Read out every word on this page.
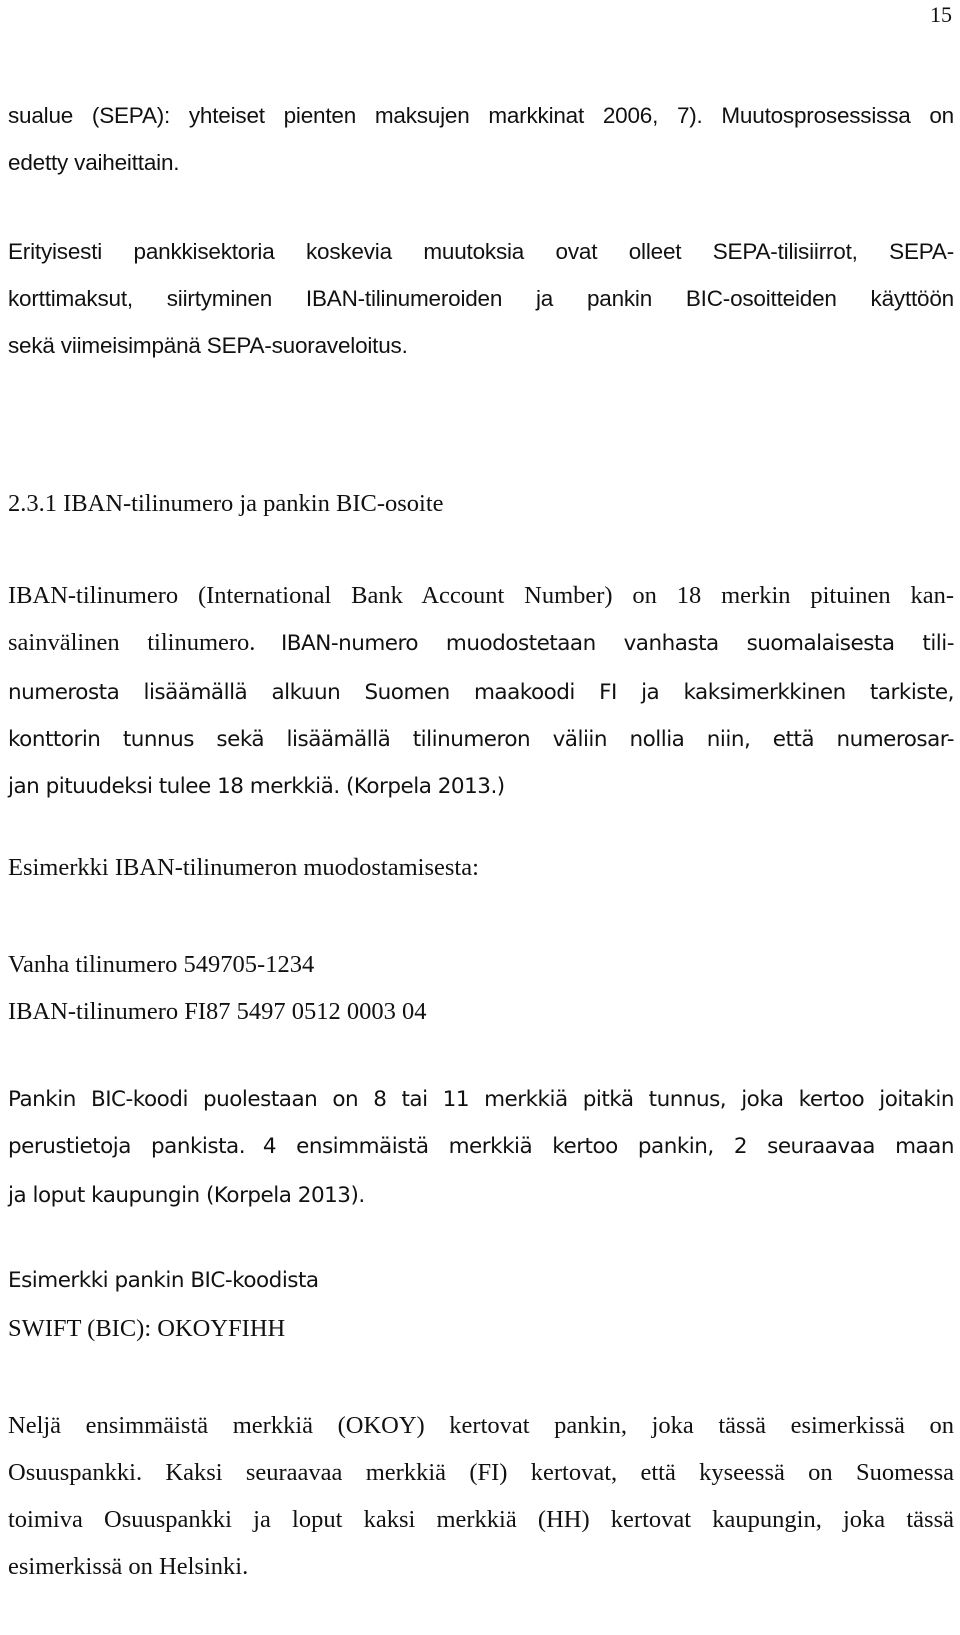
15
sualue (SEPA): yhteiset pienten maksujen markkinat 2006, 7). Muutosprosessissa on
edetty vaiheittain.
Erityisesti pankkisektoria koskevia muutoksia ovat olleet SEPA-tilisiirrot, SEPA-
korttimaksut, siirtyminen IBAN-tilinumeroiden ja pankin BIC-osoitteiden käyttöön
sekä viimeisimpänä SEPA-suoraveloitus.
2.3.1 IBAN-tilinumero ja pankin BIC-osoite
IBAN-tilinumero (International Bank Account Number) on 18 merkin pituinen kan-
sainvälinen tilinumero. IBAN-numero muodostetaan vanhasta suomalaisesta tili-
numerosta lisäämällä alkuun Suomen maakoodi FI ja kaksimerkkinen tarkiste,
konttorin tunnus sekä lisäämällä tilinumeron väliin nollia niin, että numerosar-
jan pituudeksi tulee 18 merkkiä. (Korpela 2013.)
Esimerkki IBAN-tilinumeron muodostamisesta:
Vanha tilinumero 549705-1234
IBAN-tilinumero FI87 5497 0512 0003 04
Pankin BIC-koodi puolestaan on 8 tai 11 merkkiä pitkä tunnus, joka kertoo joitakin
perustietoja pankista. 4 ensimmäistä merkkiä kertoo pankin, 2 seuraavaa maan
ja loput kaupungin (Korpela 2013).
Esimerkki pankin BIC-koodista
SWIFT (BIC): OKOYFIHH
Neljä ensimmäistä merkkiä (OKOY) kertovat pankin, joka tässä esimerkissä on
Osuuspankki. Kaksi seuraavaa merkkiä (FI) kertovat, että kyseessä on Suomessa
toimiva Osuuspankki ja loput kaksi merkkiä (HH) kertovat kaupungin, joka tässä
esimerkissä on Helsinki.
